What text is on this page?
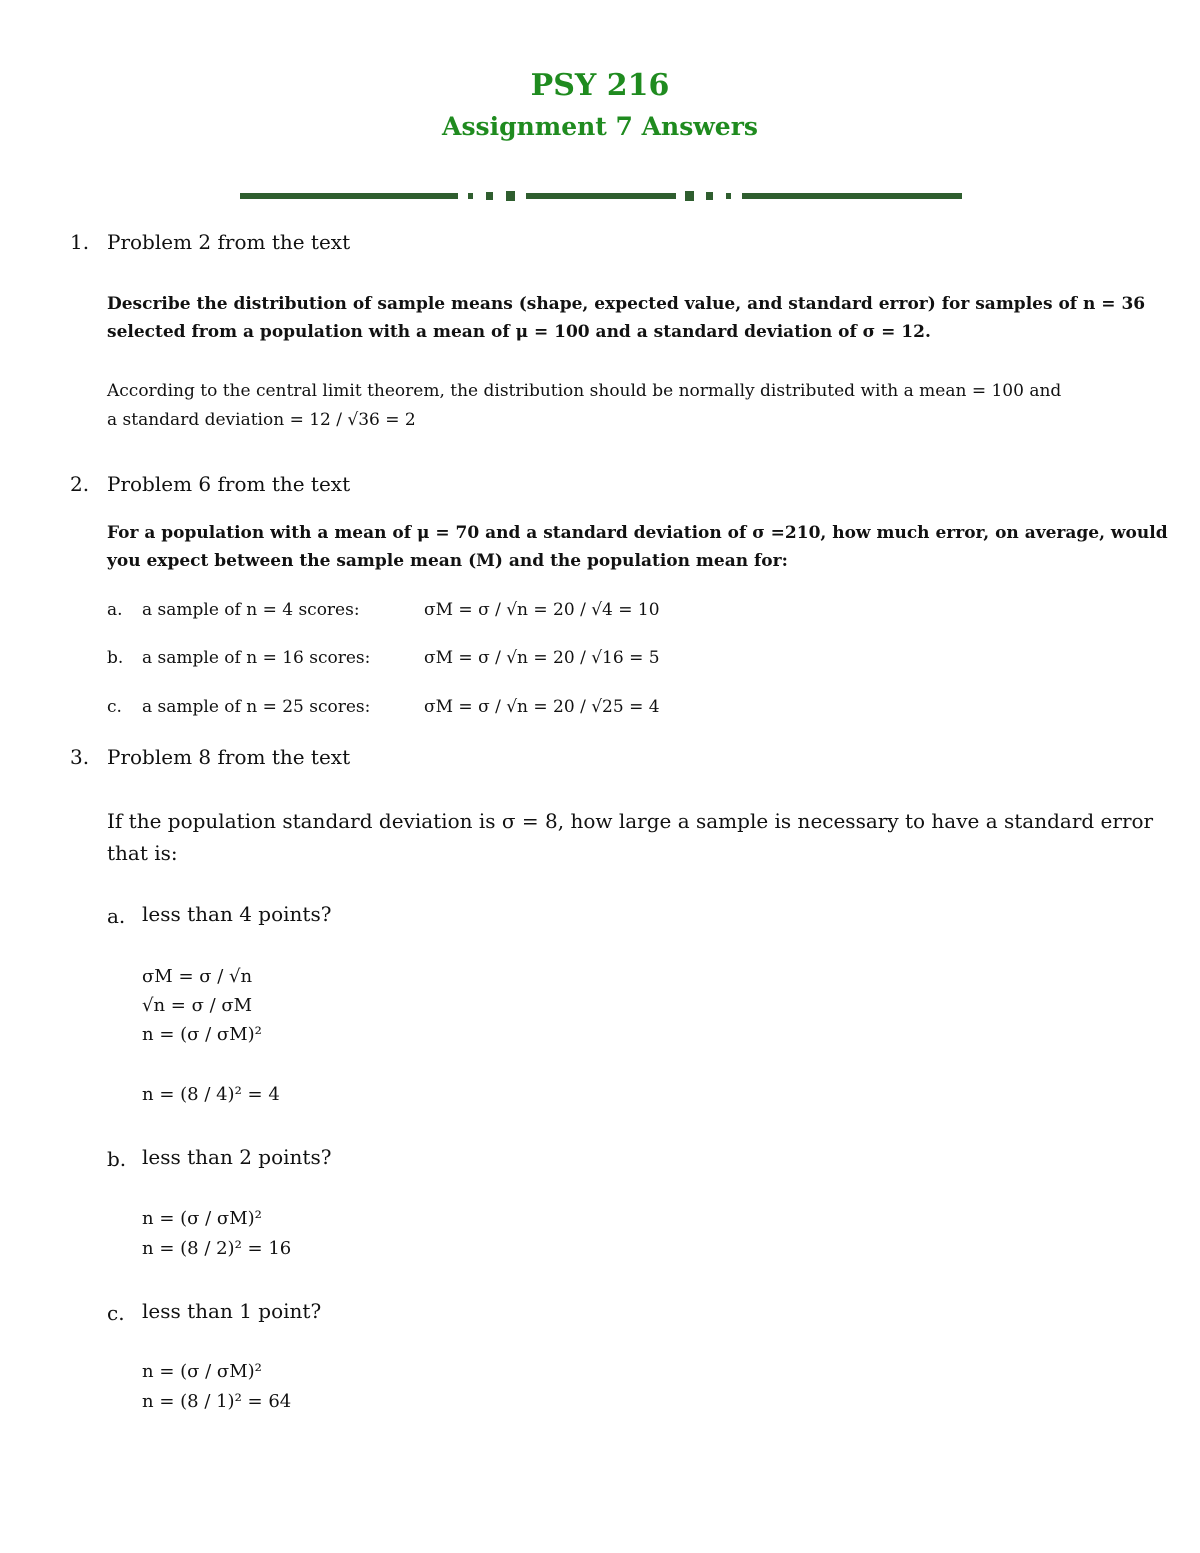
PSY 216
Assignment 7 Answers
1. Problem 2 from the text
Describe the distribution of sample means (shape, expected value, and standard error) for samples of n = 36
selected from a population with a mean of μ = 100 and a standard deviation of σ = 12.
According to the central limit theorem, the distribution should be normally distributed with a mean = 100 and
a standard deviation = 12 / √36 = 2
2. Problem 6 from the text
For a population with a mean of μ = 70 and a standard deviation of σ =210, how much error, on average, would
you expect between the sample mean (M) and the population mean for:
a. a sample of n = 4 scores:	σM = σ / √n = 20 / √4 = 10
b. a sample of n = 16 scores:	σM = σ / √n = 20 / √16 = 5
c. a sample of n = 25 scores:	σM = σ / √n = 20 / √25 = 4
3. Problem 8 from the text
If the population standard deviation is σ = 8, how large a sample is necessary to have a standard error
that is:
a. less than 4 points?
σM = σ / √n
√n = σ / σM
n = (σ / σM)²
n = (8 / 4)² = 4
b. less than 2 points?
n = (σ / σM)²
n = (8 / 2)² = 16
c. less than 1 point?
n = (σ / σM)²
n = (8 / 1)² = 64
